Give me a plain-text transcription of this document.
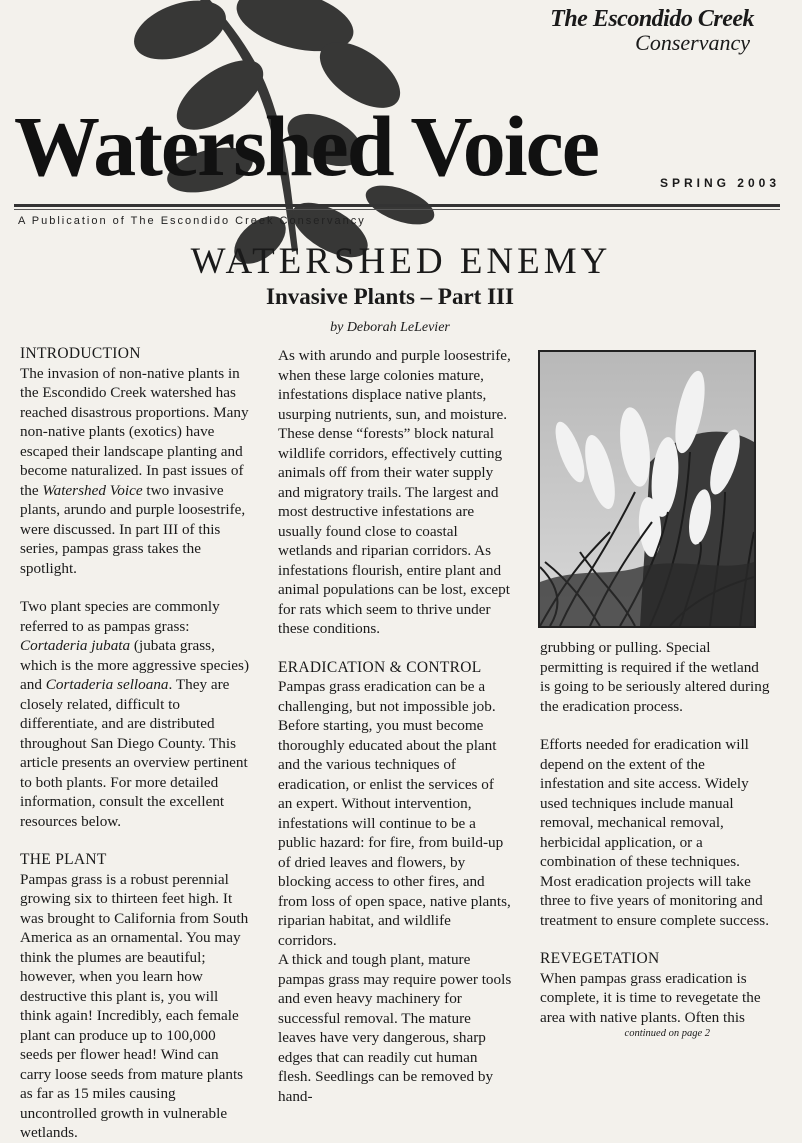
The Escondido Creek
Conservancy
Watershed Voice	SPRING 2003
A Publication of The Escondido Creek Conservancy
WATERSHED ENEMY
Invasive Plants – Part III
by Deborah LeLevier
INTRODUCTION

The invasion of non-native plants in the Escondido Creek watershed has reached disastrous proportions. Many non-native plants (exotics) have escaped their landscape planting and become naturalized. In past issues of the Watershed Voice two invasive plants, arundo and purple loosestrife, were discussed. In part III of this series, pampas grass takes the spotlight.

Two plant species are commonly referred to as pampas grass: Cortaderia jubata (jubata grass, which is the more aggressive species) and Cortaderia selloana. They are closely related, difficult to differentiate, and are distributed throughout San Diego County. This article presents an overview pertinent to both plants. For more detailed information, consult the excellent resources below.

THE PLANT

Pampas grass is a robust perennial growing six to thirteen feet high. It was brought to California from South America as an ornamental. You may think the plumes are beautiful; however, when you learn how destructive this plant is, you will think again! Incredibly, each female plant can produce up to 100,000 seeds per flower head! Wind can carry loose seeds from mature plants as far as 15 miles causing uncontrolled growth in vulnerable wetlands.

As with arundo and purple loosestrife, when these large colonies mature, infestations displace native plants, usurping nutrients, sun, and moisture. These dense “forests” block natural wildlife corridors, effectively cutting animals off from their water supply and migratory trails. The largest and most destructive infestations are usually found close to coastal wetlands and riparian corridors. As infestations flourish, entire plant and animal populations can be lost, except for rats which seem to thrive under these conditions.

ERADICATION & CONTROL

Pampas grass eradication can be a challenging, but not impossible job. Before starting, you must become thoroughly educated about the plant and the various techniques of eradication, or enlist the services of an expert. Without intervention, infestations will continue to be a public hazard: for fire, from build-up of dried leaves and flowers, by blocking access to other fires, and from loss of open space, native plants, riparian habitat, and wildlife corridors.

A thick and tough plant, mature pampas grass may require power tools and even heavy machinery for successful removal. The mature leaves have very dangerous, sharp edges that can readily cut human flesh. Seedlings can be removed by hand-

grubbing or pulling. Special permitting is required if the wetland is going to be seriously altered during the eradication process.

Efforts needed for eradication will depend on the extent of the infestation and site access. Widely used techniques include manual removal, mechanical removal, herbicidal application, or a combination of these techniques. Most eradication projects will take three to five years of monitoring and treatment to ensure complete success.

REVEGETATION

When pampas grass eradication is complete, it is time to revegetate the area with native plants. Often this

continued on page 2
